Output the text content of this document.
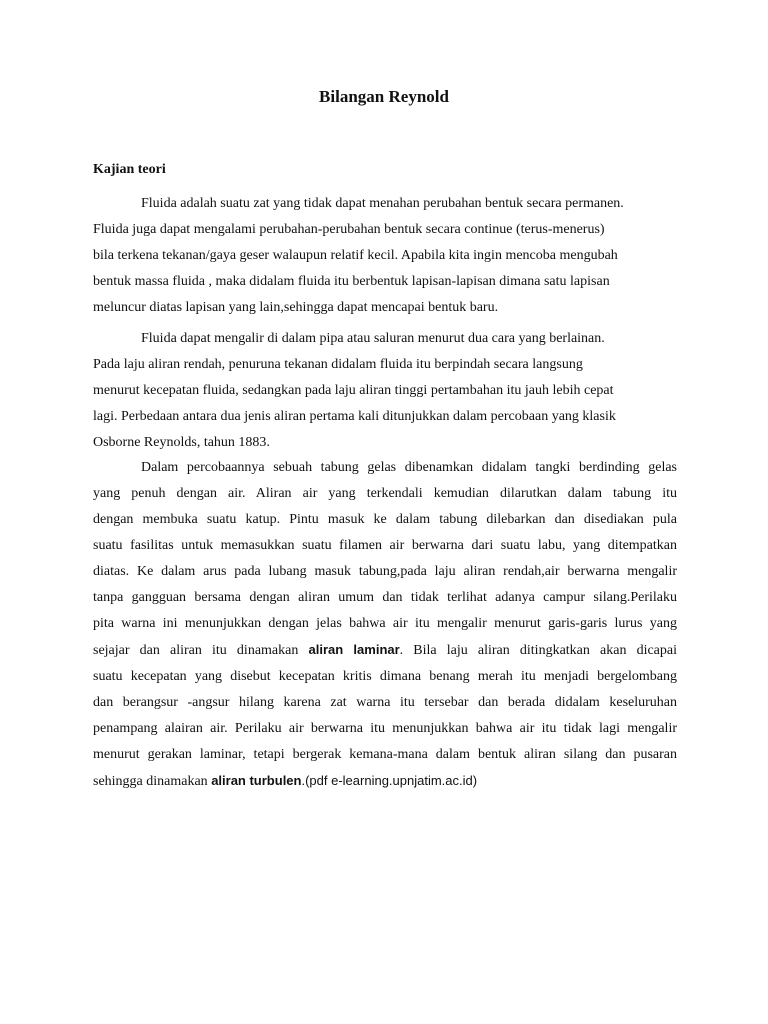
Bilangan Reynold
Kajian teori
Fluida adalah suatu zat yang tidak dapat menahan perubahan bentuk secara permanen.
Fluida juga dapat mengalami perubahan-perubahan bentuk secara continue (terus-menerus)
bila terkena tekanan/gaya geser walaupun relatif kecil. Apabila kita ingin mencoba mengubah
bentuk massa fluida , maka didalam fluida itu berbentuk lapisan-lapisan dimana satu lapisan
meluncur diatas lapisan yang lain,sehingga dapat mencapai bentuk baru.
Fluida dapat mengalir di dalam pipa atau saluran menurut dua cara yang berlainan.
Pada laju aliran rendah, penuruna tekanan didalam fluida itu berpindah secara langsung
menurut kecepatan fluida, sedangkan pada laju aliran tinggi pertambahan itu jauh lebih cepat
lagi. Perbedaan antara dua jenis aliran pertama kali ditunjukkan dalam percobaan yang klasik
Osborne Reynolds, tahun 1883.
Dalam percobaannya sebuah tabung gelas dibenamkan didalam tangki berdinding gelas
yang penuh dengan air. Aliran air yang terkendali kemudian dilarutkan dalam tabung itu
dengan membuka suatu katup. Pintu masuk ke dalam tabung dilebarkan dan disediakan pula
suatu fasilitas untuk memasukkan suatu filamen air berwarna dari suatu labu, yang ditempatkan
diatas. Ke dalam arus pada lubang masuk tabung,pada laju aliran rendah,air berwarna mengalir
tanpa gangguan bersama dengan aliran umum dan tidak terlihat adanya campur silang.Perilaku
pita warna ini menunjukkan dengan jelas bahwa air itu mengalir menurut garis-garis lurus yang
sejajar dan aliran itu dinamakan aliran laminar. Bila laju aliran ditingkatkan akan dicapai
suatu kecepatan yang disebut kecepatan kritis dimana benang merah itu menjadi bergelombang
dan berangsur -angsur hilang karena zat warna itu tersebar dan berada didalam keseluruhan
penampang alairan air. Perilaku air berwarna itu menunjukkan bahwa air itu tidak lagi mengalir
menurut gerakan laminar, tetapi bergerak kemana-mana dalam bentuk aliran silang dan pusaran
sehingga dinamakan aliran turbulen.(pdf e-learning.upnjatim.ac.id)
